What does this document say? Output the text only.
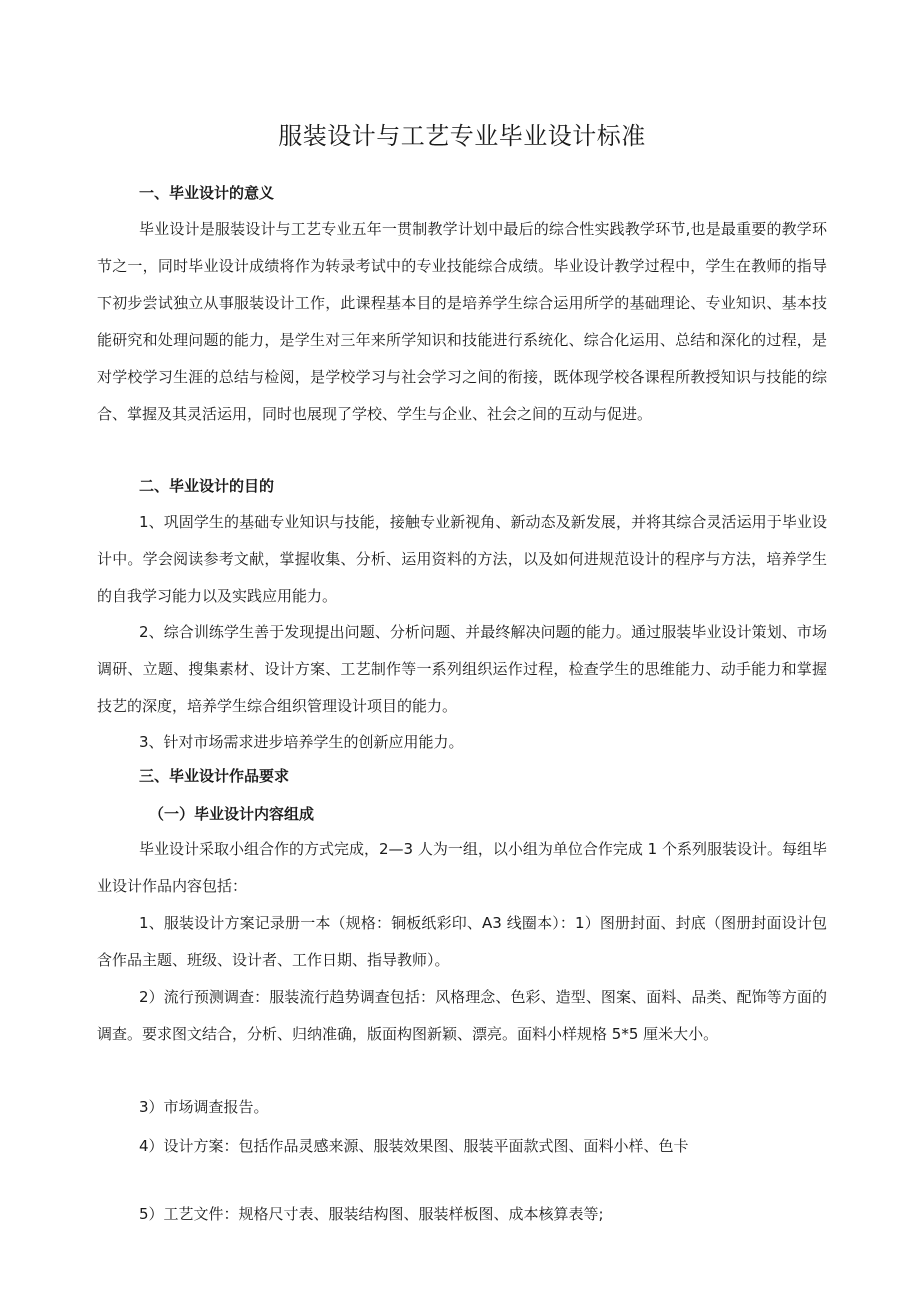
服装设计与工艺专业毕业设计标准
一、毕业设计的意义

毕业设计是服装设计与工艺专业五年一贯制教学计划中最后的综合性实践教学环节,也是最重要的教学环节之一，同时毕业设计成绩将作为转录考试中的专业技能综合成绩。毕业设计教学过程中，学生在教师的指导下初步尝试独立从事服装设计工作，此课程基本目的是培养学生综合运用所学的基础理论、专业知识、基本技能研究和处理问题的能力，是学生对三年来所学知识和技能进行系统化、综合化运用、总结和深化的过程，是对学校学习生涯的总结与检阅，是学校学习与社会学习之间的衔接，既体现学校各课程所教授知识与技能的综合、掌握及其灵活运用，同时也展现了学校、学生与企业、社会之间的互动与促进。

二、毕业设计的目的

1、巩固学生的基础专业知识与技能，接触专业新视角、新动态及新发展，并将其综合灵活运用于毕业设计中。学会阅读参考文献，掌握收集、分析、运用资料的方法，以及如何进规范设计的程序与方法，培养学生的自我学习能力以及实践应用能力。

2、综合训练学生善于发现提出问题、分析问题、并最终解决问题的能力。通过服装毕业设计策划、市场调研、立题、搜集素材、设计方案、工艺制作等一系列组织运作过程，检查学生的思维能力、动手能力和掌握技艺的深度，培养学生综合组织管理设计项目的能力。

3、针对市场需求进步培养学生的创新应用能力。

三、毕业设计作品要求
（一）毕业设计内容组成

毕业设计采取小组合作的方式完成，2—3 人为一组，以小组为单位合作完成 1 个系列服装设计。每组毕业设计作品内容包括：

1、服装设计方案记录册一本（规格：铜板纸彩印、A3 线圈本）：1）图册封面、封底（图册封面设计包含作品主题、班级、设计者、工作日期、指导教师）。

2）流行预测调查：服装流行趋势调查包括：风格理念、色彩、造型、图案、面料、品类、配饰等方面的调查。要求图文结合，分析、归纳准确，版面构图新颖、漂亮。面料小样规格 5*5 厘米大小。

3）市场调查报告。

4）设计方案：包括作品灵感来源、服装效果图、服装平面款式图、面料小样、色卡

5）工艺文件：规格尺寸表、服装结构图、服装样板图、成本核算表等;
